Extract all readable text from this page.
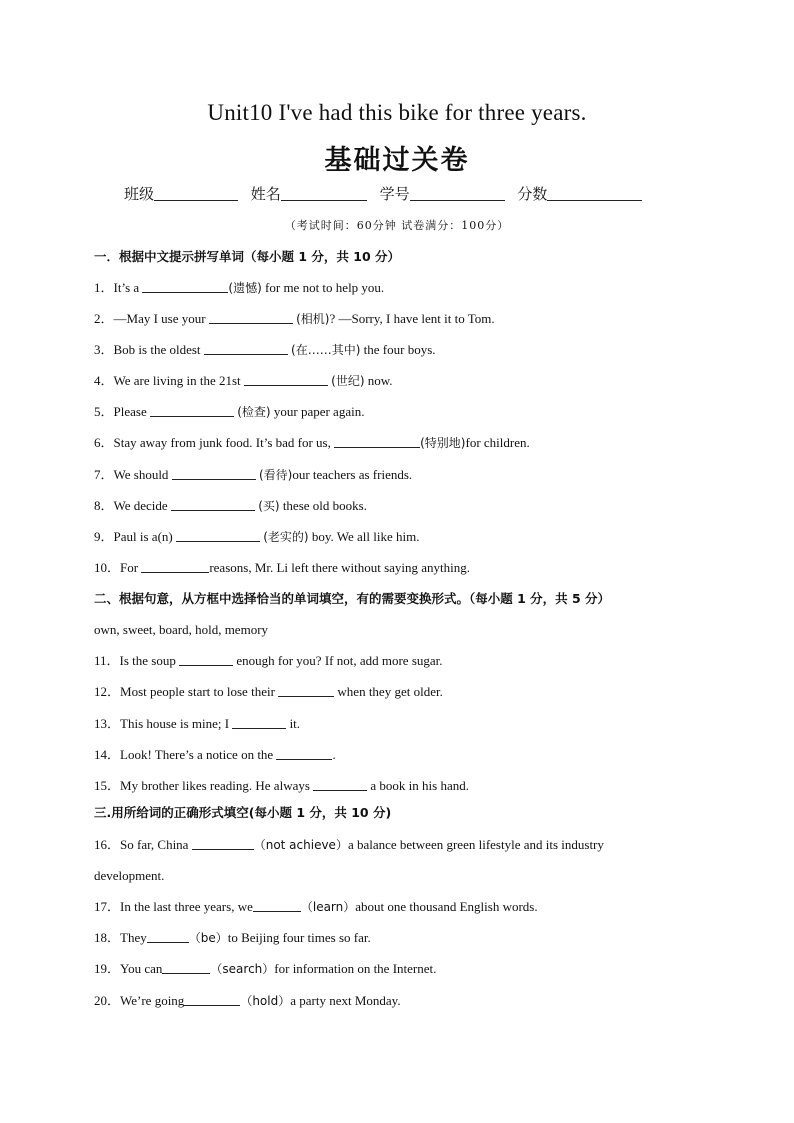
Unit10 I've had this bike for three years.
基础过关卷
班级	姓名	学号	分数
（考试时间：60分钟 试卷满分：100分）
一．根据中文提示拼写单词（每小题 1 分，共 10 分）
1．It’s a	(遗憾) for me not to help you.
2．—May I use your	(相机)? —Sorry, I have lent it to Tom.
3．Bob is the oldest	(在……其中) the four boys.
4．We are living in the 21st	(世纪) now.
5．Please	(检查) your paper again.
6．Stay away from junk food. It’s bad for us,	(特别地)for children.
7．We should	(看待)our teachers as friends.
8．We decide	(买) these old books.
9．Paul is a(n)	(老实的) boy. We all like him.
10．For	reasons, Mr. Li left there without saying anything.
二、根据句意，从方框中选择恰当的单词填空，有的需要变换形式。（每小题 1 分，共 5 分）
own, sweet, board, hold, memory
11．Is the soup	enough for you? If not, add more sugar.
12．Most people start to lose their	when they get older.
13．This house is mine; I	it.
14．Look! There’s a notice on the	.
15．My brother likes reading. He always	a book in his hand.
三.用所给词的正确形式填空(每小题 1 分，共 10 分)
16．So far, China	（not achieve）a balance between green lifestyle and its industry
development.
17．In the last three years, we	（learn）about one thousand English words.
18．They	（be）to Beijing four times so far.
19．You can	（search）for information on the Internet.
20．We’re going	（hold）a party next Monday.
